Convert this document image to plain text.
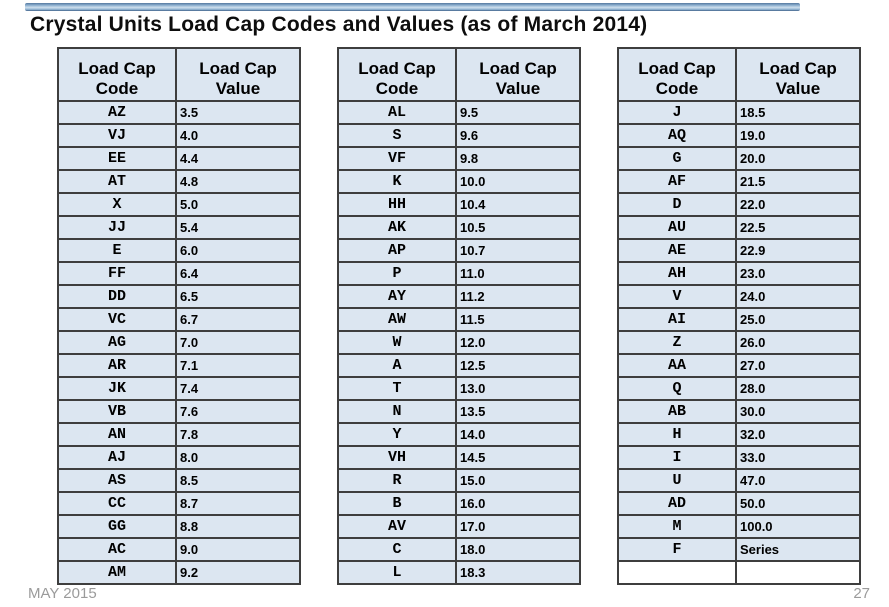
Crystal Units Load Cap Codes and Values (as of March 2014)
Load Cap Code	Load Cap Value
AZ	3.5
VJ	4.0
EE	4.4
AT	4.8
X	5.0
JJ	5.4
E	6.0
FF	6.4
DD	6.5
VC	6.7
AG	7.0
AR	7.1
JK	7.4
VB	7.6
AN	7.8
AJ	8.0
AS	8.5
CC	8.7
GG	8.8
AC	9.0
AM	9.2
Load Cap Code	Load Cap Value
AL	9.5
S	9.6
VF	9.8
K	10.0
HH	10.4
AK	10.5
AP	10.7
P	11.0
AY	11.2
AW	11.5
W	12.0
A	12.5
T	13.0
N	13.5
Y	14.0
VH	14.5
R	15.0
B	16.0
AV	17.0
C	18.0
L	18.3
Load Cap Code	Load Cap Value
J	18.5
AQ	19.0
G	20.0
AF	21.5
D	22.0
AU	22.5
AE	22.9
AH	23.0
V	24.0
AI	25.0
Z	26.0
AA	27.0
Q	28.0
AB	30.0
H	32.0
I	33.0
U	47.0
AD	50.0
M	100.0
F	Series

MAY 2015	27
